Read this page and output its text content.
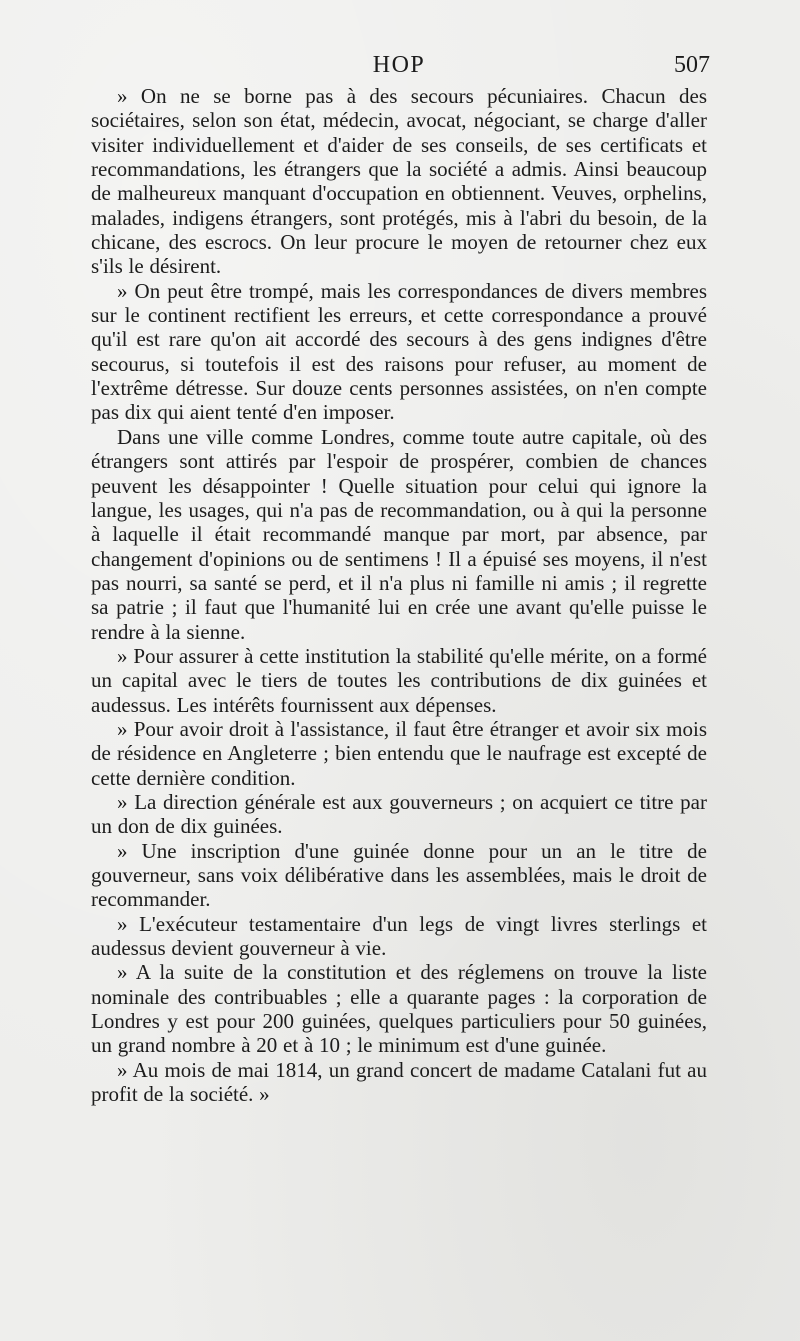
HOP	507

» On ne se borne pas à des secours pécuniaires. Chacun des sociétaires, selon son état, médecin, avocat, négociant, se charge d'aller visiter individuellement et d'aider de ses conseils, de ses certificats et recommandations, les étrangers que la société a admis. Ainsi beaucoup de malheureux manquant d'occupation en obtiennent. Veuves, orphelins, malades, indigens étrangers, sont protégés, mis à l'abri du besoin, de la chicane, des escrocs. On leur procure le moyen de retourner chez eux s'ils le désirent.

» On peut être trompé, mais les correspondances de divers membres sur le continent rectifient les erreurs, et cette correspondance a prouvé qu'il est rare qu'on ait accordé des secours à des gens indignes d'être secourus, si toutefois il est des raisons pour refuser, au moment de l'extrême détresse. Sur douze cents personnes assistées, on n'en compte pas dix qui aient tenté d'en imposer.

Dans une ville comme Londres, comme toute autre capitale, où des étrangers sont attirés par l'espoir de prospérer, combien de chances peuvent les désappointer ! Quelle situation pour celui qui ignore la langue, les usages, qui n'a pas de recommandation, ou à qui la personne à laquelle il était recommandé manque par mort, par absence, par changement d'opinions ou de sentimens ! Il a épuisé ses moyens, il n'est pas nourri, sa santé se perd, et il n'a plus ni famille ni amis ; il regrette sa patrie ; il faut que l'humanité lui en crée une avant qu'elle puisse le rendre à la sienne.

» Pour assurer à cette institution la stabilité qu'elle mérite, on a formé un capital avec le tiers de toutes les contributions de dix guinées et audessus. Les intérêts fournissent aux dépenses.

» Pour avoir droit à l'assistance, il faut être étranger et avoir six mois de résidence en Angleterre ; bien entendu que le naufrage est excepté de cette dernière condition.

» La direction générale est aux gouverneurs ; on acquiert ce titre par un don de dix guinées.

» Une inscription d'une guinée donne pour un an le titre de gouverneur, sans voix délibérative dans les assemblées, mais le droit de recommander.

» L'exécuteur testamentaire d'un legs de vingt livres sterlings et audessus devient gouverneur à vie.

» A la suite de la constitution et des réglemens on trouve la liste nominale des contribuables ; elle a quarante pages : la corporation de Londres y est pour 200 guinées, quelques particuliers pour 50 guinées, un grand nombre à 20 et à 10 ; le minimum est d'une guinée.

» Au mois de mai 1814, un grand concert de madame Catalani fut au profit de la société. »
